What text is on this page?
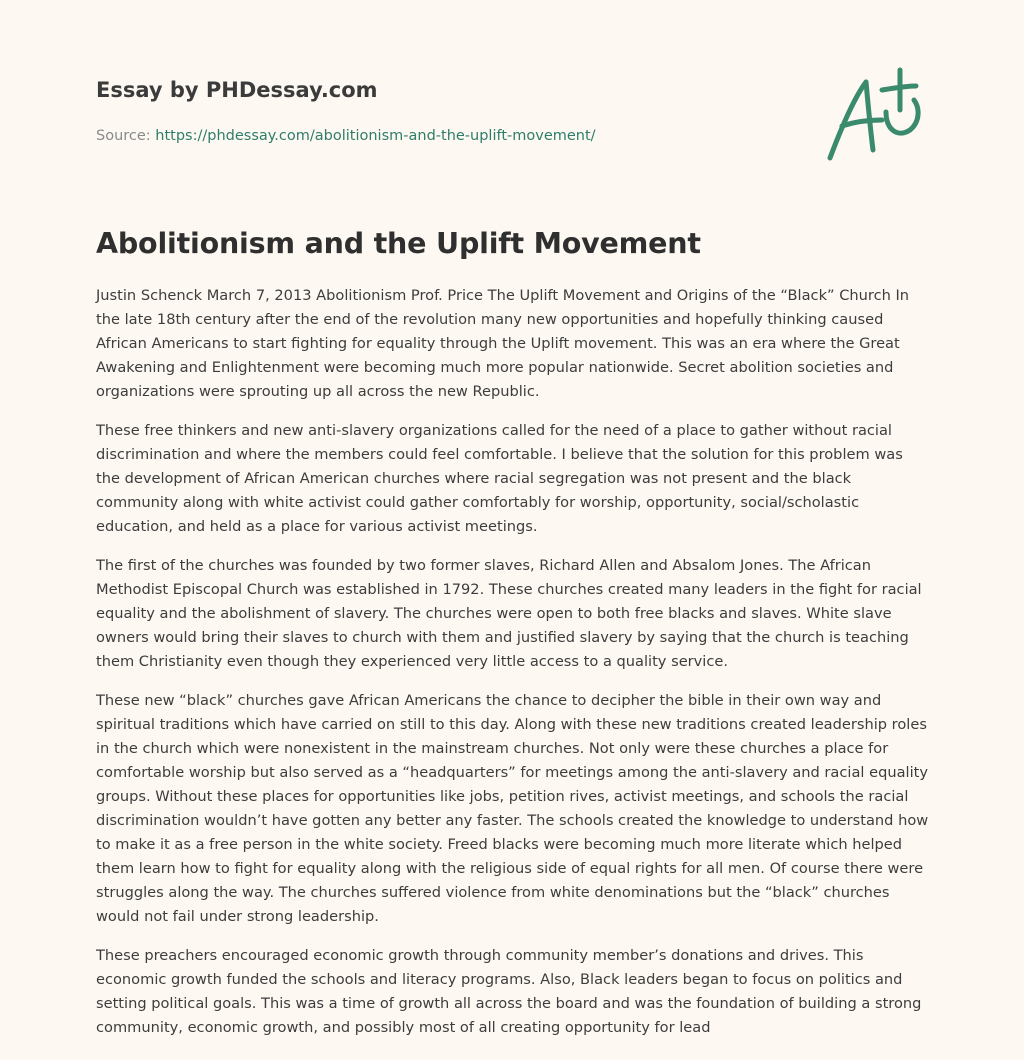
Essay by PHDessay.com
Source: https://phdessay.com/abolitionism-and-the-uplift-movement/
Abolitionism and the Uplift Movement

Justin Schenck March 7, 2013 Abolitionism Prof. Price The Uplift Movement and Origins of the “Black” Church In the late 18th century after the end of the revolution many new opportunities and hopefully thinking caused African Americans to start fighting for equality through the Uplift movement. This was an era where the Great Awakening and Enlightenment were becoming much more popular nationwide. Secret abolition societies and organizations were sprouting up all across the new Republic.

These free thinkers and new anti-slavery organizations called for the need of a place to gather without racial discrimination and where the members could feel comfortable. I believe that the solution for this problem was the development of African American churches where racial segregation was not present and the black community along with white activist could gather comfortably for worship, opportunity, social/scholastic education, and held as a place for various activist meetings.

The first of the churches was founded by two former slaves, Richard Allen and Absalom Jones. The African Methodist Episcopal Church was established in 1792. These churches created many leaders in the fight for racial equality and the abolishment of slavery. The churches were open to both free blacks and slaves. White slave owners would bring their slaves to church with them and justified slavery by saying that the church is teaching them Christianity even though they experienced very little access to a quality service.

These new “black” churches gave African Americans the chance to decipher the bible in their own way and spiritual traditions which have carried on still to this day. Along with these new traditions created leadership roles in the church which were nonexistent in the mainstream churches. Not only were these churches a place for comfortable worship but also served as a “headquarters” for meetings among the anti-slavery and racial equality groups. Without these places for opportunities like jobs, petition rives, activist meetings, and schools the racial discrimination wouldn’t have gotten any better any faster. The schools created the knowledge to understand how to make it as a free person in the white society. Freed blacks were becoming much more literate which helped them learn how to fight for equality along with the religious side of equal rights for all men. Of course there were struggles along the way. The churches suffered violence from white denominations but the “black” churches would not fail under strong leadership.

These preachers encouraged economic growth through community member’s donations and drives. This economic growth funded the schools and literacy programs. Also, Black leaders began to focus on politics and setting political goals. This was a time of growth all across the board and was the foundation of building a strong community, economic growth, and possibly most of all creating opportunity for lead
